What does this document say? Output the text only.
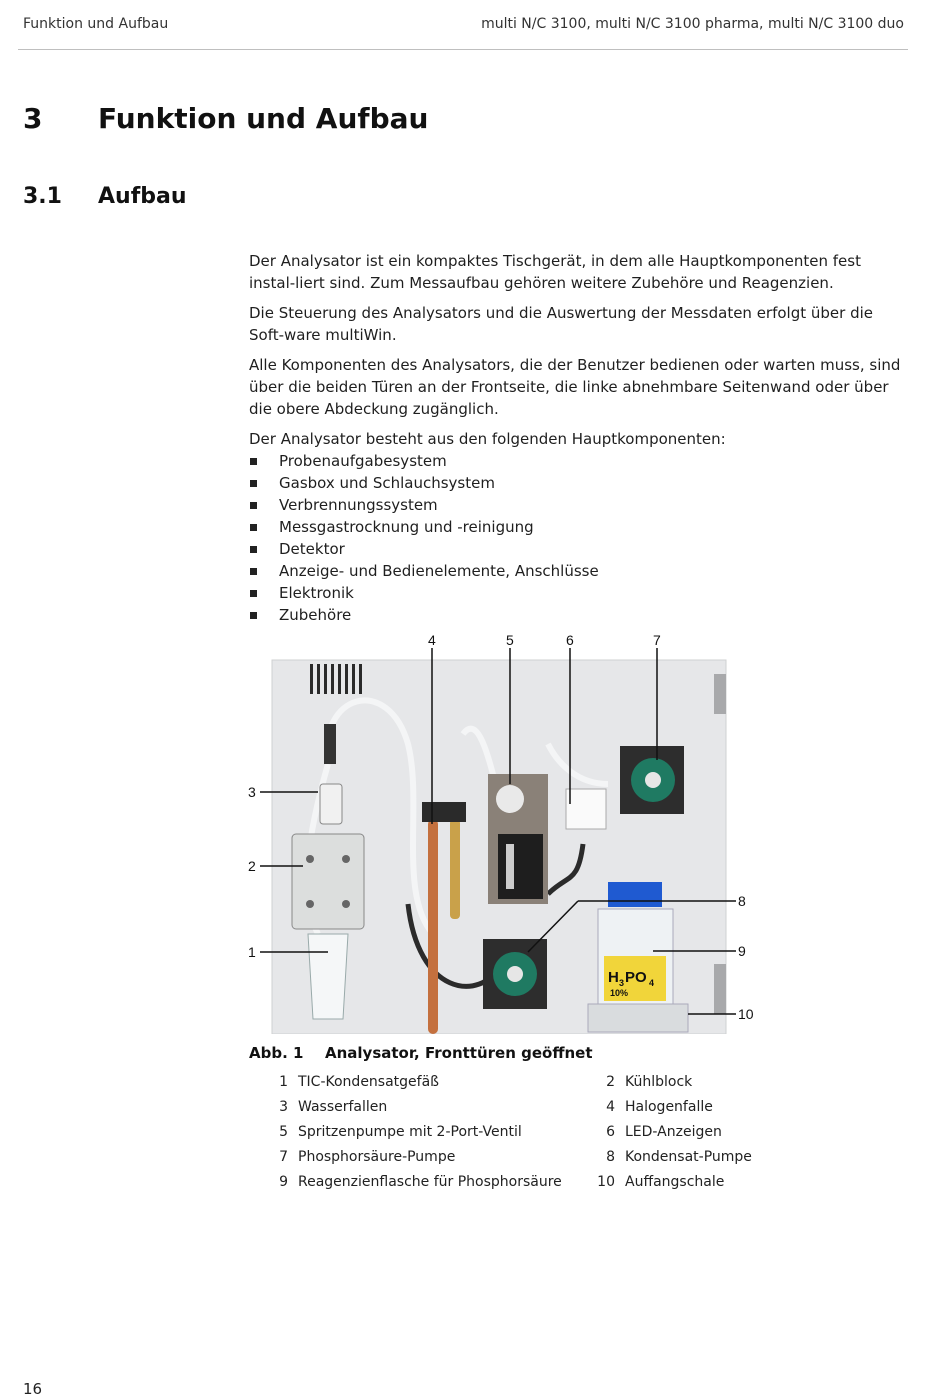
Funktion und Aufbau	multi N/C 3100, multi N/C 3100 pharma, multi N/C 3100 duo
3 Funktion und Aufbau
3.1 Aufbau

Der Analysator ist ein kompaktes Tischgerät, in dem alle Hauptkomponenten fest instal-liert sind. Zum Messaufbau gehören weitere Zubehöre und Reagenzien.

Die Steuerung des Analysators und die Auswertung der Messdaten erfolgt über die Soft-ware multiWin.

Alle Komponenten des Analysators, die der Benutzer bedienen oder warten muss, sind über die beiden Türen an der Frontseite, die linke abnehmbare Seitenwand oder über die obere Abdeckung zugänglich.

Der Analysator besteht aus den folgenden Hauptkomponenten:

Probenaufgabesystem
Gasbox und Schlauchsystem
Verbrennungssystem
Messgastrocknung und -reinigung
Detektor
Anzeige- und Bedienelemente, Anschlüsse
Elektronik
Zubehöre
H 3 PO 4
10%
1
2
3
4	5	6	7
8
9
10
Abb. 1 Analysator, Fronttüren geöffnet
1 TIC-Kondensatgefäß	2 Kühlblock
3 Wasserfallen	4 Halogenfalle
5 Spritzenpumpe mit 2-Port-Ventil	6 LED-Anzeigen
7 Phosphorsäure-Pumpe	8 Kondensat-Pumpe
9 Reagenzienflasche für Phosphorsäure	10 Auffangschale
16
